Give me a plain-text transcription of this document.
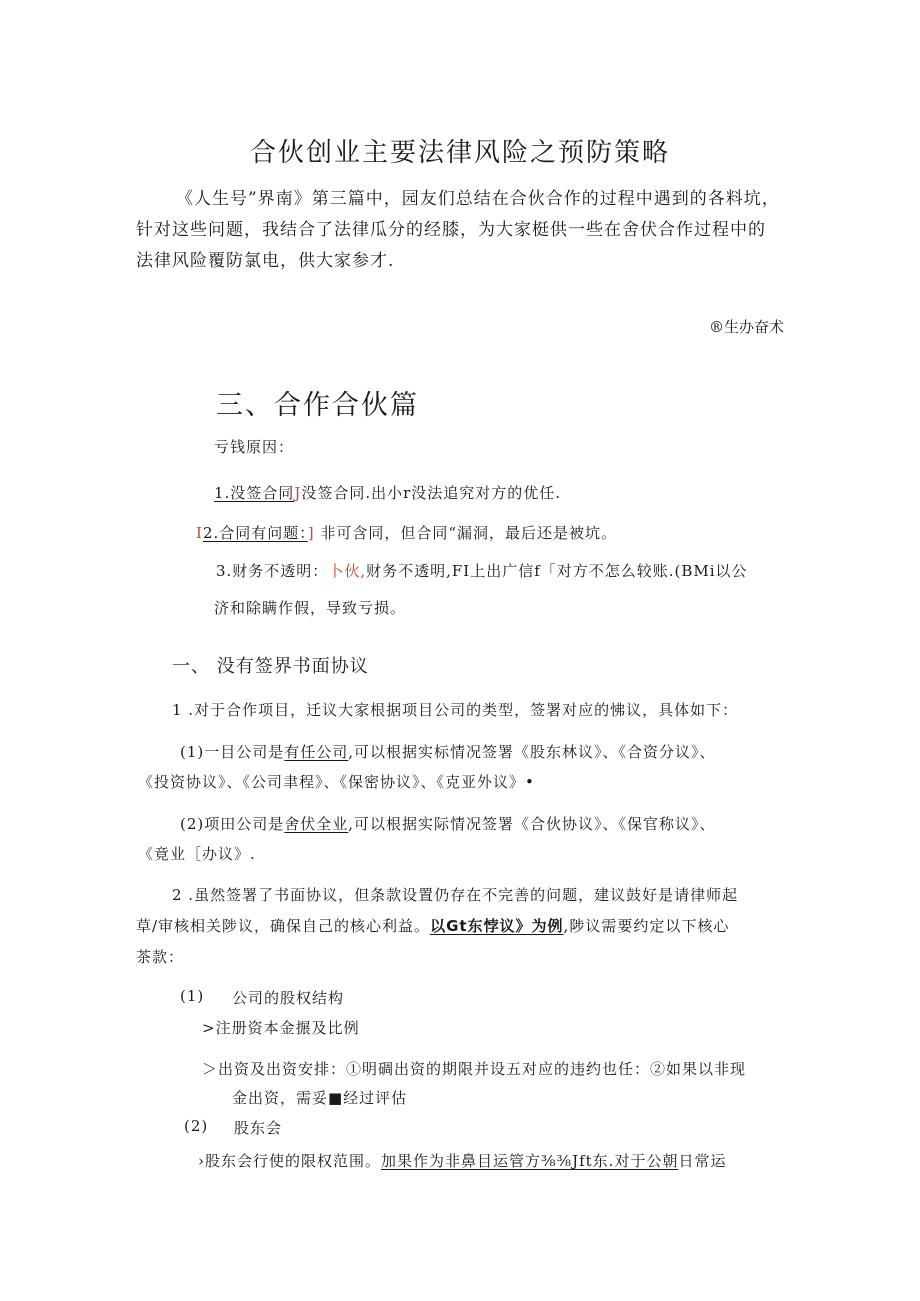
合伙创业主要法律风险之预防策略
《人生号”界南》第三篇中，园友们总结在合伙合作的过程中遇到的各料坑，
针对这些问题，我结合了法律瓜分的经膝，为大家梃供一些在舍伏合作过程中的
法律风险覆防氯电，供大家参才.
®生办奋术
三、合作合伙篇
亏钱原因：
1.没签合同J没签合同.出小r没法追究对方的优任.
I2.合同有问题：] 非可含同，但合同“漏洞，最后还是被坑。
3.财务不透明：卜伙,财务不透明,FI上出广信f「对方不怎么较账.(BMi以公
济和除瞒作假，导致亏损。
一、 没有签界书面协议
1 .对于合作项目，迁议大家根据项目公司的类型，签署对应的怫议，具体如下：
(1)一目公司是有任公司,可以根据实标情况签署《股东林议》、《合资分议》、
《投资协议》、《公司聿程》、《保密协议》、《克亚外议》•
(2)项田公司是舍伏全业,可以根据实际情况签署《合伙协议》、《保官称议》、
《竟业［办议》.
2 .虽然签署了书面协议，但条款设置仍存在不完善的问题，建议鼓好是请律师起
草/审核相关陟议，确保自己的核心利益。以Gt东悖议》为例,陟议需要约定以下核心
茶款：
(1) 公司的股权结构
>注册资本金搌及比例
＞出资及出资安排：①明碉出资的期限并设五对应的违约也任：②如果以非现
金出资，需妥■经过评估
(2) 股东会
›股东会行使的限权范围。加果作为非鼻目运管方⅜⅜Jft东.对于公朝日常运
